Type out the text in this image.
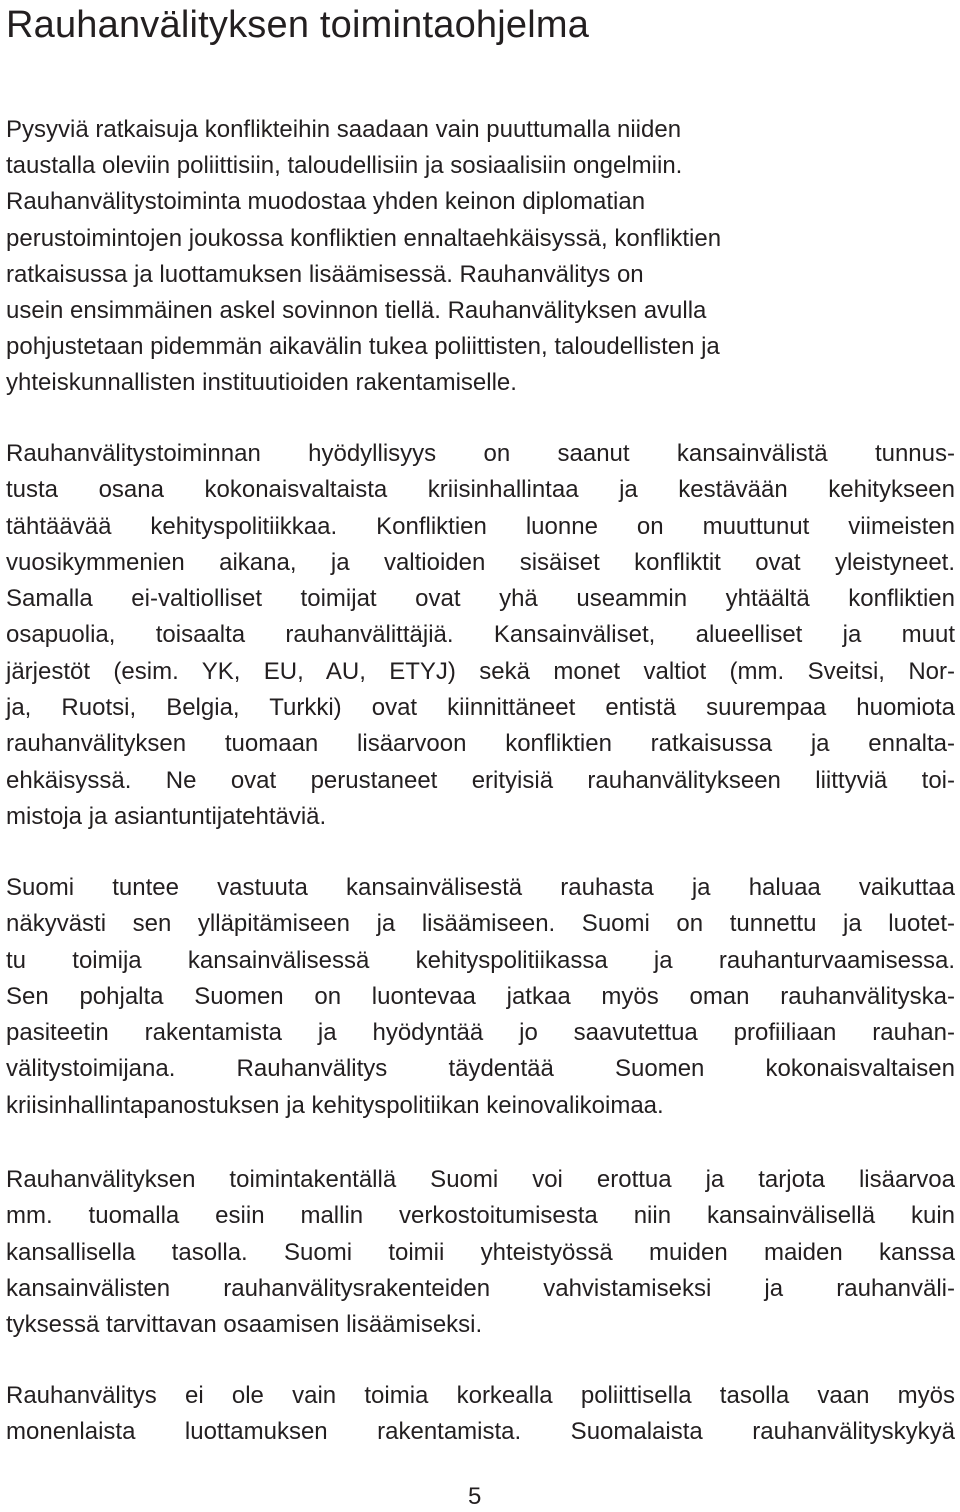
Rauhanvälityksen toimintaohjelma
Pysyviä ratkaisuja konflikteihin saadaan vain puuttumalla niiden
taustalla oleviin poliittisiin, taloudellisiin ja sosiaalisiin ongelmiin.
Rauhanvälitystoiminta muodostaa yhden keinon diplomatian
perustoimintojen joukossa konfliktien ennaltaehkäisyssä, konfliktien
ratkaisussa ja luottamuksen lisäämisessä. Rauhanvälitys on
usein ensimmäinen askel sovinnon tiellä. Rauhanvälityksen avulla
pohjustetaan pidemmän aikavälin tukea poliittisten, taloudellisten ja
yhteiskunnallisten instituutioiden rakentamiselle.
Rauhanvälitystoiminnan hyödyllisyys on saanut kansainvälistä tunnus-
tusta osana kokonaisvaltaista kriisinhallintaa ja kestävään kehitykseen
tähtäävää kehityspolitiikkaa. Konfliktien luonne on muuttunut viimeisten
vuosikymmenien aikana, ja valtioiden sisäiset konfliktit ovat yleistyneet.
Samalla ei-valtiolliset toimijat ovat yhä useammin yhtäältä konfliktien
osapuolia, toisaalta rauhanvälittäjiä. Kansainväliset, alueelliset ja muut
järjestöt (esim. YK, EU, AU, ETYJ) sekä monet valtiot (mm. Sveitsi, Nor-
ja, Ruotsi, Belgia, Turkki) ovat kiinnittäneet entistä suurempaa huomiota
rauhanvälityksen tuomaan lisäarvoon konfliktien ratkaisussa ja ennalta-
ehkäisyssä. Ne ovat perustaneet erityisiä rauhanvälitykseen liittyviä toi-
mistoja ja asiantuntijatehtäviä.
Suomi tuntee vastuuta kansainvälisestä rauhasta ja haluaa vaikuttaa
näkyvästi sen ylläpitämiseen ja lisäämiseen. Suomi on tunnettu ja luotet-
tu toimija kansainvälisessä kehityspolitiikassa ja rauhanturvaamisessa.
Sen pohjalta Suomen on luontevaa jatkaa myös oman rauhanvälityska-
pasiteetin rakentamista ja hyödyntää jo saavutettua profiiliaan rauhan-
välitystoimijana. Rauhanvälitys täydentää Suomen kokonaisvaltaisen
kriisinhallintapanostuksen ja kehityspolitiikan keinovalikoimaa.
Rauhanvälityksen toimintakentällä Suomi voi erottua ja tarjota lisäarvoa
mm. tuomalla esiin mallin verkostoitumisesta niin kansainvälisellä kuin
kansallisella tasolla. Suomi toimii yhteistyössä muiden maiden kanssa
kansainvälisten rauhanvälitysrakenteiden vahvistamiseksi ja rauhanväli-
tyksessä tarvittavan osaamisen lisäämiseksi.
Rauhanvälitys ei ole vain toimia korkealla poliittisella tasolla vaan myös
monenlaista luottamuksen rakentamista. Suomalaista rauhanvälityskykyä
5
